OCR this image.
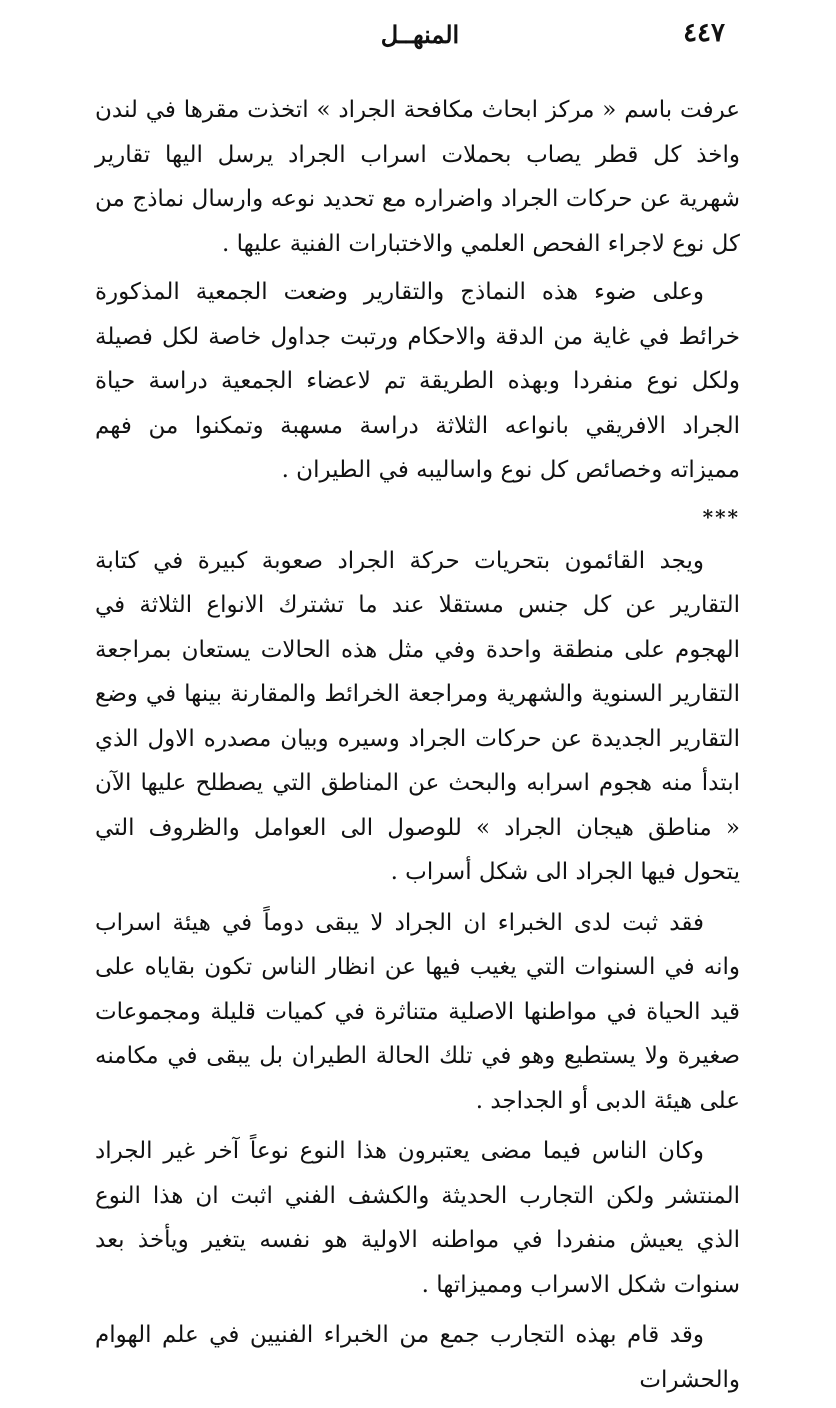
٤٤٧
المنهــل

عرفت باسم « مركز ابحاث مكافحة الجراد » اتخذت مقرها في لندن واخذ كل قطر يصاب بحملات اسراب الجراد يرسل اليها تقارير شهرية عن حركات الجراد واضراره مع تحديد نوعه وارسال نماذج من كل نوع لاجراء الفحص العلمي والاختبارات الفنية عليها .

وعلى ضوء هذه النماذج والتقارير وضعت الجمعية المذكورة خرائط في غاية من الدقة والاحكام ورتبت جداول خاصة لكل فصيلة ولكل نوع منفردا وبهذه الطريقة تم لاعضاء الجمعية دراسة حياة الجراد الافريقي بانواعه الثلاثة دراسة مسهبة وتمكنوا من فهم مميزاته وخصائص كل نوع واساليبه في الطيران .

***

ويجد القائمون بتحريات حركة الجراد صعوبة كبيرة في كتابة التقارير عن كل جنس مستقلا عند ما تشترك الانواع الثلاثة في الهجوم على منطقة واحدة وفي مثل هذه الحالات يستعان بمراجعة التقارير السنوية والشهرية ومراجعة الخرائط والمقارنة بينها في وضع التقارير الجديدة عن حركات الجراد وسيره وبيان مصدره الاول الذي ابتدأ منه هجوم اسرابه والبحث عن المناطق التي يصطلح عليها الآن « مناطق هيجان الجراد » للوصول الى العوامل والظروف التي يتحول فيها الجراد الى شكل أسراب .

فقد ثبت لدى الخبراء ان الجراد لا يبقى دوماً في هيئة اسراب وانه في السنوات التي يغيب فيها عن انظار الناس تكون بقاياه على قيد الحياة في مواطنها الاصلية متناثرة في كميات قليلة ومجموعات صغيرة ولا يستطيع وهو في تلك الحالة الطيران بل يبقى في مكامنه على هيئة الدبى أو الجداجد .

وكان الناس فيما مضى يعتبرون هذا النوع نوعاً آخر غير الجراد المنتشر ولكن التجارب الحديثة والكشف الفني اثبت ان هذا النوع الذي يعيش منفردا في مواطنه الاولية هو نفسه يتغير ويأخذ بعد سنوات شكل الاسراب ومميزاتها .

وقد قام بهذه التجارب جمع من الخبراء الفنيين في علم الهوام والحشرات
